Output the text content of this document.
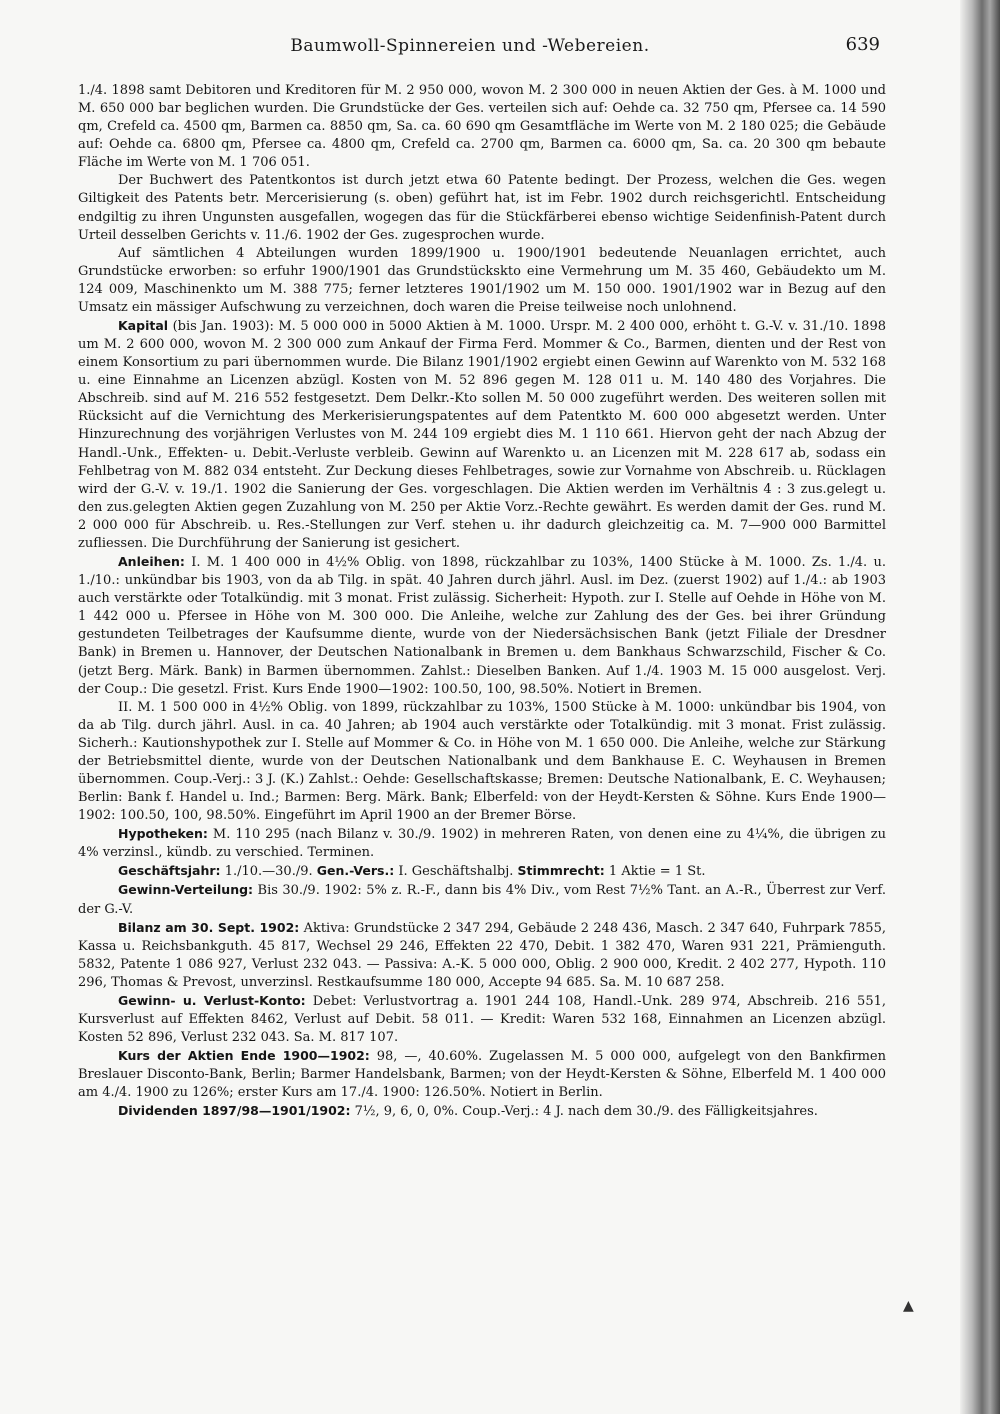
Baumwoll-Spinnereien und -Webereien.	639

1./4. 1898 samt Debitoren und Kreditoren für M. 2 950 000, wovon M. 2 300 000 in neuen Aktien der Ges. à M. 1000 und M. 650 000 bar beglichen wurden. Die Grundstücke der Ges. verteilen sich auf: Oehde ca. 32 750 qm, Pfersee ca. 14 590 qm, Crefeld ca. 4500 qm, Barmen ca. 8850 qm, Sa. ca. 60 690 qm Gesamtfläche im Werte von M. 2 180 025; die Gebäude auf: Oehde ca. 6800 qm, Pfersee ca. 4800 qm, Crefeld ca. 2700 qm, Barmen ca. 6000 qm, Sa. ca. 20 300 qm bebaute Fläche im Werte von M. 1 706 051.

Der Buchwert des Patentkontos ist durch jetzt etwa 60 Patente bedingt. Der Prozess, welchen die Ges. wegen Giltigkeit des Patents betr. Mercerisierung (s. oben) geführt hat, ist im Febr. 1902 durch reichsgerichtl. Entscheidung endgiltig zu ihren Ungunsten ausgefallen, wogegen das für die Stückfärberei ebenso wichtige Seidenfinish-Patent durch Urteil desselben Gerichts v. 11./6. 1902 der Ges. zugesprochen wurde.

Auf sämtlichen 4 Abteilungen wurden 1899/1900 u. 1900/1901 bedeutende Neuanlagen errichtet, auch Grundstücke erworben: so erfuhr 1900/1901 das Grundstückskto eine Vermehrung um M. 35 460, Gebäudekto um M. 124 009, Maschinenkto um M. 388 775; ferner letzteres 1901/1902 um M. 150 000. 1901/1902 war in Bezug auf den Umsatz ein mässiger Aufschwung zu verzeichnen, doch waren die Preise teilweise noch unlohnend.

Kapital (bis Jan. 1903): M. 5 000 000 in 5000 Aktien à M. 1000. Urspr. M. 2 400 000, erhöht t. G.-V. v. 31./10. 1898 um M. 2 600 000, wovon M. 2 300 000 zum Ankauf der Firma Ferd. Mommer & Co., Barmen, dienten und der Rest von einem Konsortium zu pari übernommen wurde. Die Bilanz 1901/1902 ergiebt einen Gewinn auf Warenkto von M. 532 168 u. eine Einnahme an Licenzen abzügl. Kosten von M. 52 896 gegen M. 128 011 u. M. 140 480 des Vorjahres. Die Abschreib. sind auf M. 216 552 festgesetzt. Dem Delkr.-Kto sollen M. 50 000 zugeführt werden. Des weiteren sollen mit Rücksicht auf die Vernichtung des Merkerisierungspatentes auf dem Patentkto M. 600 000 abgesetzt werden. Unter Hinzurechnung des vorjährigen Verlustes von M. 244 109 ergiebt dies M. 1 110 661. Hiervon geht der nach Abzug der Handl.-Unk., Effekten- u. Debit.-Verluste verbleib. Gewinn auf Warenkto u. an Licenzen mit M. 228 617 ab, sodass ein Fehlbetrag von M. 882 034 entsteht. Zur Deckung dieses Fehlbetrages, sowie zur Vornahme von Abschreib. u. Rücklagen wird der G.-V. v. 19./1. 1902 die Sanierung der Ges. vorgeschlagen. Die Aktien werden im Verhältnis 4 : 3 zus.gelegt u. den zus.gelegten Aktien gegen Zuzahlung von M. 250 per Aktie Vorz.-Rechte gewährt. Es werden damit der Ges. rund M. 2 000 000 für Abschreib. u. Res.-Stellungen zur Verf. stehen u. ihr dadurch gleichzeitig ca. M. 7—900 000 Barmittel zufliessen. Die Durchführung der Sanierung ist gesichert.

Anleihen: I. M. 1 400 000 in 4½% Oblig. von 1898, rückzahlbar zu 103%, 1400 Stücke à M. 1000. Zs. 1./4. u. 1./10.: unkündbar bis 1903, von da ab Tilg. in spät. 40 Jahren durch jährl. Ausl. im Dez. (zuerst 1902) auf 1./4.: ab 1903 auch verstärkte oder Totalkündig. mit 3 monat. Frist zulässig. Sicherheit: Hypoth. zur I. Stelle auf Oehde in Höhe von M. 1 442 000 u. Pfersee in Höhe von M. 300 000. Die Anleihe, welche zur Zahlung des der Ges. bei ihrer Gründung gestundeten Teilbetrages der Kaufsumme diente, wurde von der Niedersächsischen Bank (jetzt Filiale der Dresdner Bank) in Bremen u. Hannover, der Deutschen Nationalbank in Bremen u. dem Bankhaus Schwarzschild, Fischer & Co. (jetzt Berg. Märk. Bank) in Barmen übernommen. Zahlst.: Dieselben Banken. Auf 1./4. 1903 M. 15 000 ausgelost. Verj. der Coup.: Die gesetzl. Frist. Kurs Ende 1900—1902: 100.50, 100, 98.50%. Notiert in Bremen.

II. M. 1 500 000 in 4½% Oblig. von 1899, rückzahlbar zu 103%, 1500 Stücke à M. 1000: unkündbar bis 1904, von da ab Tilg. durch jährl. Ausl. in ca. 40 Jahren; ab 1904 auch verstärkte oder Totalkündig. mit 3 monat. Frist zulässig. Sicherh.: Kautionshypothek zur I. Stelle auf Mommer & Co. in Höhe von M. 1 650 000. Die Anleihe, welche zur Stärkung der Betriebsmittel diente, wurde von der Deutschen Nationalbank und dem Bankhause E. C. Weyhausen in Bremen übernommen. Coup.-Verj.: 3 J. (K.) Zahlst.: Oehde: Gesellschaftskasse; Bremen: Deutsche Nationalbank, E. C. Weyhausen; Berlin: Bank f. Handel u. Ind.; Barmen: Berg. Märk. Bank; Elberfeld: von der Heydt-Kersten & Söhne. Kurs Ende 1900—1902: 100.50, 100, 98.50%. Eingeführt im April 1900 an der Bremer Börse.

Hypotheken: M. 110 295 (nach Bilanz v. 30./9. 1902) in mehreren Raten, von denen eine zu 4¼%, die übrigen zu 4% verzinsl., kündb. zu verschied. Terminen.

Geschäftsjahr: 1./10.—30./9. Gen.-Vers.: I. Geschäftshalbj. Stimmrecht: 1 Aktie = 1 St.

Gewinn-Verteilung: Bis 30./9. 1902: 5% z. R.-F., dann bis 4% Div., vom Rest 7½% Tant. an A.-R., Überrest zur Verf. der G.-V.

Bilanz am 30. Sept. 1902: Aktiva: Grundstücke 2 347 294, Gebäude 2 248 436, Masch. 2 347 640, Fuhrpark 7855, Kassa u. Reichsbankguth. 45 817, Wechsel 29 246, Effekten 22 470, Debit. 1 382 470, Waren 931 221, Prämienguth. 5832, Patente 1 086 927, Verlust 232 043. — Passiva: A.-K. 5 000 000, Oblig. 2 900 000, Kredit. 2 402 277, Hypoth. 110 296, Thomas & Prevost, unverzinsl. Restkaufsumme 180 000, Accepte 94 685. Sa. M. 10 687 258.

Gewinn- u. Verlust-Konto: Debet: Verlustvortrag a. 1901 244 108, Handl.-Unk. 289 974, Abschreib. 216 551, Kursverlust auf Effekten 8462, Verlust auf Debit. 58 011. — Kredit: Waren 532 168, Einnahmen an Licenzen abzügl. Kosten 52 896, Verlust 232 043. Sa. M. 817 107.

Kurs der Aktien Ende 1900—1902: 98, —, 40.60%. Zugelassen M. 5 000 000, aufgelegt von den Bankfirmen Breslauer Disconto-Bank, Berlin; Barmer Handelsbank, Barmen; von der Heydt-Kersten & Söhne, Elberfeld M. 1 400 000 am 4./4. 1900 zu 126%; erster Kurs am 17./4. 1900: 126.50%. Notiert in Berlin.

Dividenden 1897/98—1901/1902: 7½, 9, 6, 0, 0%. Coup.-Verj.: 4 J. nach dem 30./9. des Fälligkeitsjahres.

▲
